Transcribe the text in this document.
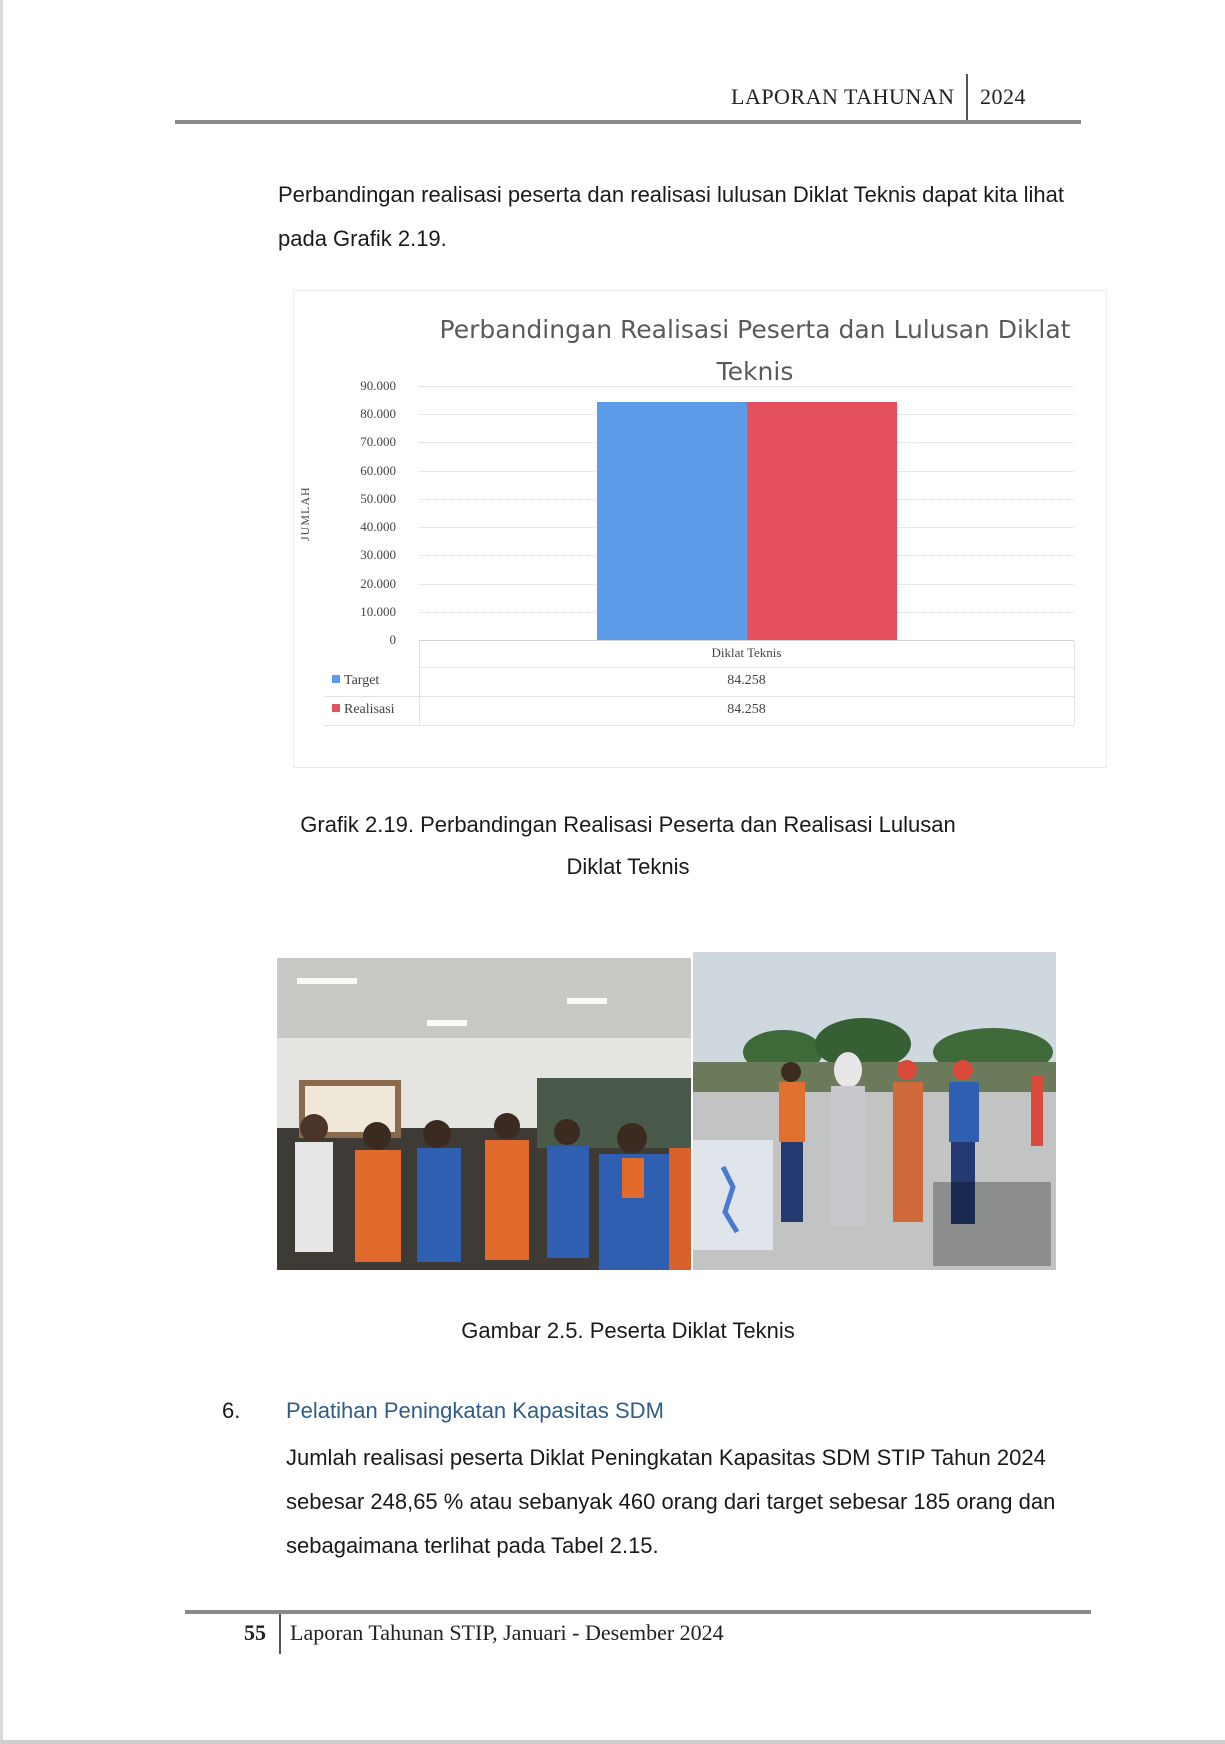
LAPORAN TAHUNAN 2024
Perbandingan realisasi peserta dan realisasi lulusan Diklat Teknis dapat kita lihat pada Grafik 2.19.
Perbandingan Realisasi Peserta dan Lulusan Diklat Teknis
JUMLAH
Diklat Teknis
Target
Realisasi
84.258
84.258
0
10.000
20.000
30.000
40.000
50.000
60.000
70.000
80.000
90.000
Grafik 2.19. Perbandingan Realisasi Peserta dan Realisasi Lulusan
Diklat Teknis
Gambar 2.5. Peserta Diklat Teknis
6. Pelatihan Peningkatan Kapasitas SDM
Jumlah realisasi peserta Diklat Peningkatan Kapasitas SDM STIP Tahun 2024 sebesar 248,65 % atau sebanyak 460 orang dari target sebesar 185 orang dan sebagaimana terlihat pada Tabel 2.15.
55 Laporan Tahunan STIP, Januari - Desember 2024
